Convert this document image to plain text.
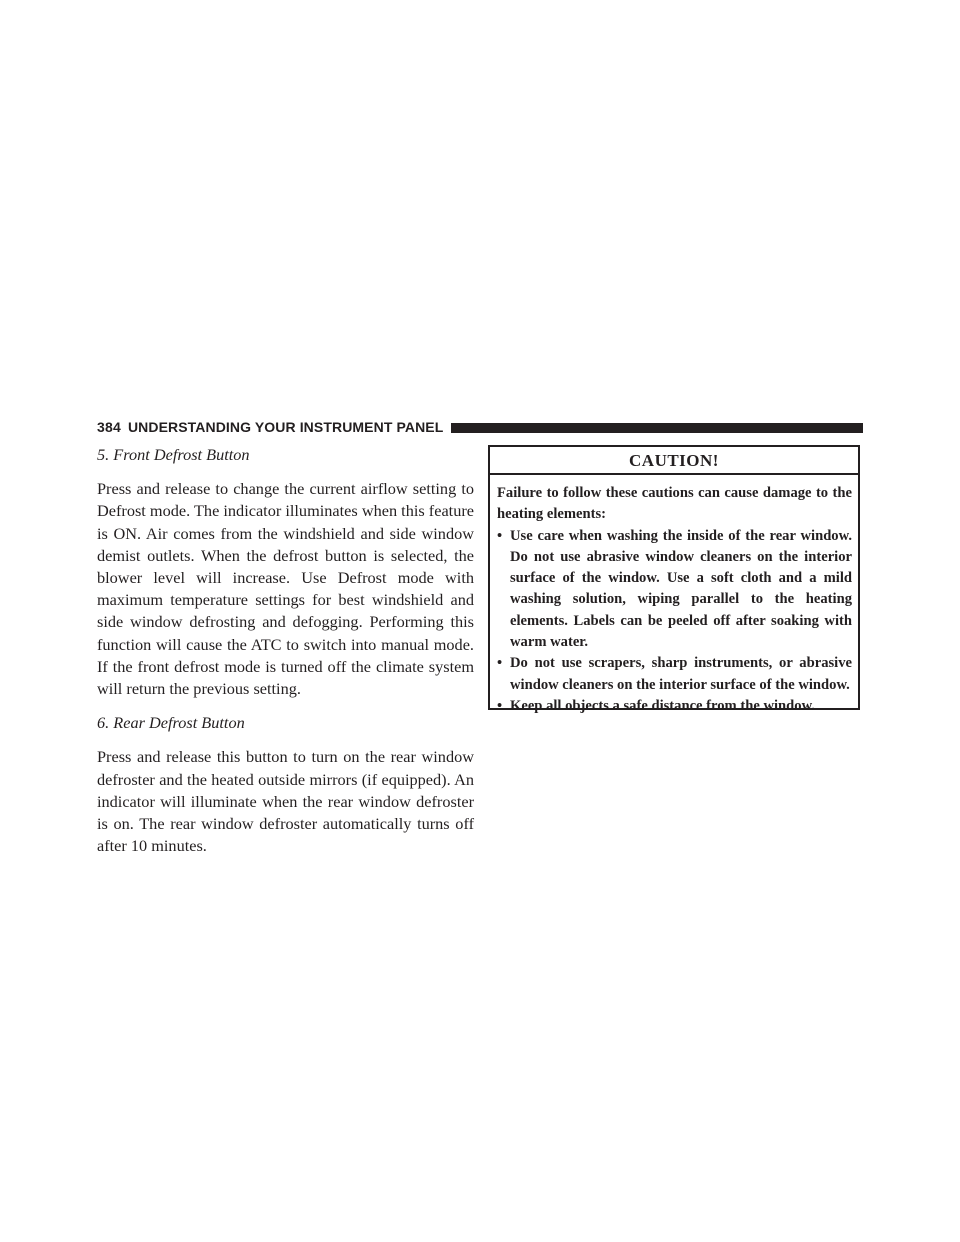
384 UNDERSTANDING YOUR INSTRUMENT PANEL

5. Front Defrost Button

Press and release to change the current airflow setting to Defrost mode. The indicator illuminates when this feature is ON. Air comes from the windshield and side window demist outlets. When the defrost button is selected, the blower level will increase. Use Defrost mode with maximum temperature settings for best windshield and side window defrosting and defogging. Performing this function will cause the ATC to switch into manual mode. If the front defrost mode is turned off the climate system will return the previous setting.

6. Rear Defrost Button

Press and release this button to turn on the rear window defroster and the heated outside mirrors (if equipped). An indicator will illuminate when the rear window defroster is on. The rear window defroster automatically turns off after 10 minutes.

CAUTION!

Failure to follow these cautions can cause damage to the heating elements:

• Use care when washing the inside of the rear window. Do not use abrasive window cleaners on the interior surface of the window. Use a soft cloth and a mild washing solution, wiping parallel to the heating elements. Labels can be peeled off after soaking with warm water.
• Do not use scrapers, sharp instruments, or abrasive window cleaners on the interior surface of the window.
• Keep all objects a safe distance from the window.
